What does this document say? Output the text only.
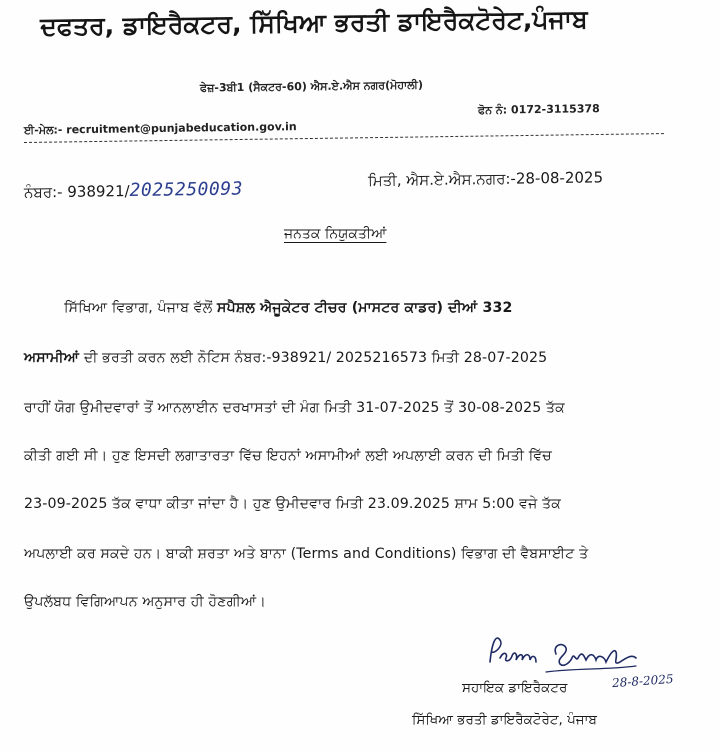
ਦਫਤਰ, ਡਾਇਰੈਕਟਰ, ਸਿੱਖਿਆ ਭਰਤੀ ਡਾਇਰੈਕਟੋਰੇਟ,ਪੰਜਾਬ
ਫੇਜ਼-3ਬੀ1 (ਸੈਕਟਰ-60) ਐਸ.ਏ.ਐਸ ਨਗਰ(ਮੋਹਾਲੀ)
ਫੋਨ ਨੰ: 0172-3115378
ਈ-ਮੇਲ:- recruitment@punjabeducation.gov.in
ਨੰਬਰ:- 938921/2025250093	ਮਿਤੀ, ਐਸ.ਏ.ਐਸ.ਨਗਰ:-28-08-2025
ਜਨਤਕ ਨਿਯੁਕਤੀਆਂ
ਸਿੱਖਿਆ ਵਿਭਾਗ, ਪੰਜਾਬ ਵੱਲੋਂ ਸਪੈਸ਼ਲ ਐਜੂਕੇਟਰ ਟੀਚਰ (ਮਾਸਟਰ ਕਾਡਰ) ਦੀਆਂ 332
ਅਸਾਮੀਆਂ ਦੀ ਭਰਤੀ ਕਰਨ ਲਈ ਨੋਟਿਸ ਨੰਬਰ:-938921/ 2025216573 ਮਿਤੀ 28-07-2025
ਰਾਹੀਂ ਯੋਗ ਉਮੀਦਵਾਰਾਂ ਤੋਂ ਆਨਲਾਈਨ ਦਰਖਾਸਤਾਂ ਦੀ ਮੰਗ ਮਿਤੀ 31-07-2025 ਤੋਂ 30-08-2025 ਤੱਕ
ਕੀਤੀ ਗਈ ਸੀ। ਹੁਣ ਇਸਦੀ ਲਗਾਤਾਰਤਾ ਵਿੱਚ ਇਹਨਾਂ ਅਸਾਮੀਆਂ ਲਈ ਅਪਲਾਈ ਕਰਨ ਦੀ ਮਿਤੀ ਵਿੱਚ
23-09-2025 ਤੱਕ ਵਾਧਾ ਕੀਤਾ ਜਾਂਦਾ ਹੈ। ਹੁਣ ਉਮੀਦਵਾਰ ਮਿਤੀ 23.09.2025 ਸ਼ਾਮ 5:00 ਵਜੇ ਤੱਕ
ਅਪਲਾਈ ਕਰ ਸਕਦੇ ਹਨ। ਬਾਕੀ ਸ਼ਰਤਾ ਅਤੇ ਬਾਨਾ (Terms and Conditions) ਵਿਭਾਗ ਦੀ ਵੈਬਸਾਈਟ ਤੇ
ਉਪਲੱਬਧ ਵਿਗਿਆਪਨ ਅਨੁਸਾਰ ਹੀ ਹੋਣਗੀਆਂ।
ਸਹਾਇਕ ਡਾਇਰੈਕਟਰ	28-8-2025
ਸਿੱਖਿਆ ਭਰਤੀ ਡਾਇਰੈਕਟੋਰੇਟ, ਪੰਜਾਬ
